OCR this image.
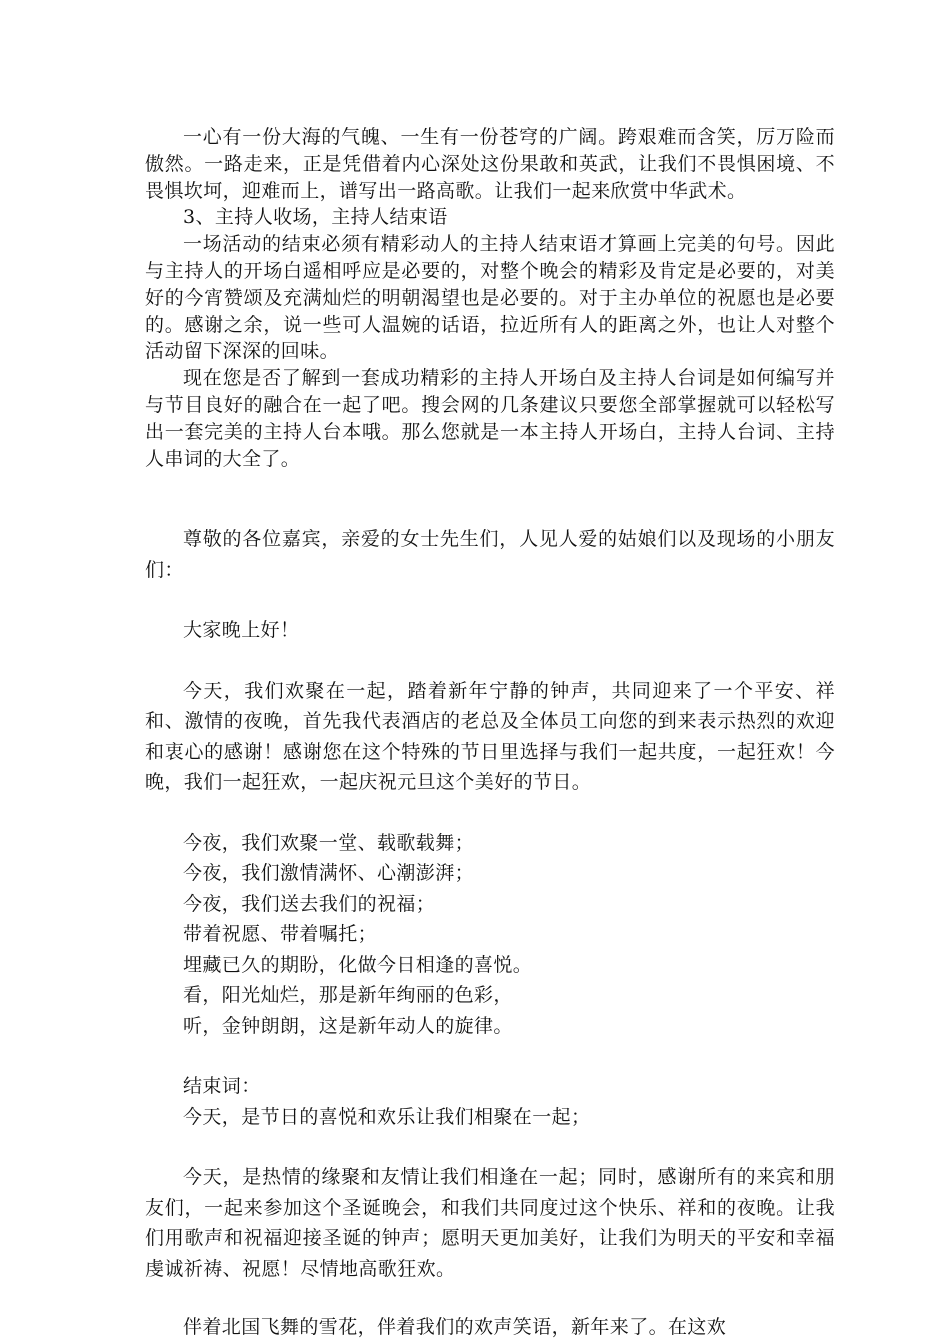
一心有一份大海的气魄、一生有一份苍穹的广阔。跨艰难而含笑，厉万险而傲然。一路走来，正是凭借着内心深处这份果敢和英武，让我们不畏惧困境、不畏惧坎坷，迎难而上，谱写出一路高歌。让我们一起来欣赏中华武术。

3、主持人收场，主持人结束语

一场活动的结束必须有精彩动人的主持人结束语才算画上完美的句号。因此与主持人的开场白遥相呼应是必要的，对整个晚会的精彩及肯定是必要的，对美好的今宵赞颂及充满灿烂的明朝渴望也是必要的。对于主办单位的祝愿也是必要的。感谢之余，说一些可人温婉的话语，拉近所有人的距离之外，也让人对整个活动留下深深的回味。

现在您是否了解到一套成功精彩的主持人开场白及主持人台词是如何编写并与节目良好的融合在一起了吧。搜会网的几条建议只要您全部掌握就可以轻松写出一套完美的主持人台本哦。那么您就是一本主持人开场白，主持人台词、主持人串词的大全了。

尊敬的各位嘉宾，亲爱的女士先生们，人见人爱的姑娘们以及现场的小朋友们：

大家晚上好！

今天，我们欢聚在一起，踏着新年宁静的钟声，共同迎来了一个平安、祥和、激情的夜晚，首先我代表酒店的老总及全体员工向您的到来表示热烈的欢迎和衷心的感谢！感谢您在这个特殊的节日里选择与我们一起共度，一起狂欢！今晚，我们一起狂欢，一起庆祝元旦这个美好的节日。

今夜，我们欢聚一堂、载歌载舞；

今夜，我们激情满怀、心潮澎湃；

今夜，我们送去我们的祝福；

带着祝愿、带着嘱托；

埋藏已久的期盼，化做今日相逢的喜悦。

看，阳光灿烂，那是新年绚丽的色彩，

听，金钟朗朗，这是新年动人的旋律。

结束词：

今天，是节日的喜悦和欢乐让我们相聚在一起；

今天，是热情的缘聚和友情让我们相逢在一起；同时，感谢所有的来宾和朋友们，一起来参加这个圣诞晚会，和我们共同度过这个快乐、祥和的夜晚。让我们用歌声和祝福迎接圣诞的钟声；愿明天更加美好，让我们为明天的平安和幸福虔诚祈祷、祝愿！尽情地高歌狂欢。

伴着北国飞舞的雪花，伴着我们的欢声笑语，新年来了。在这欢
